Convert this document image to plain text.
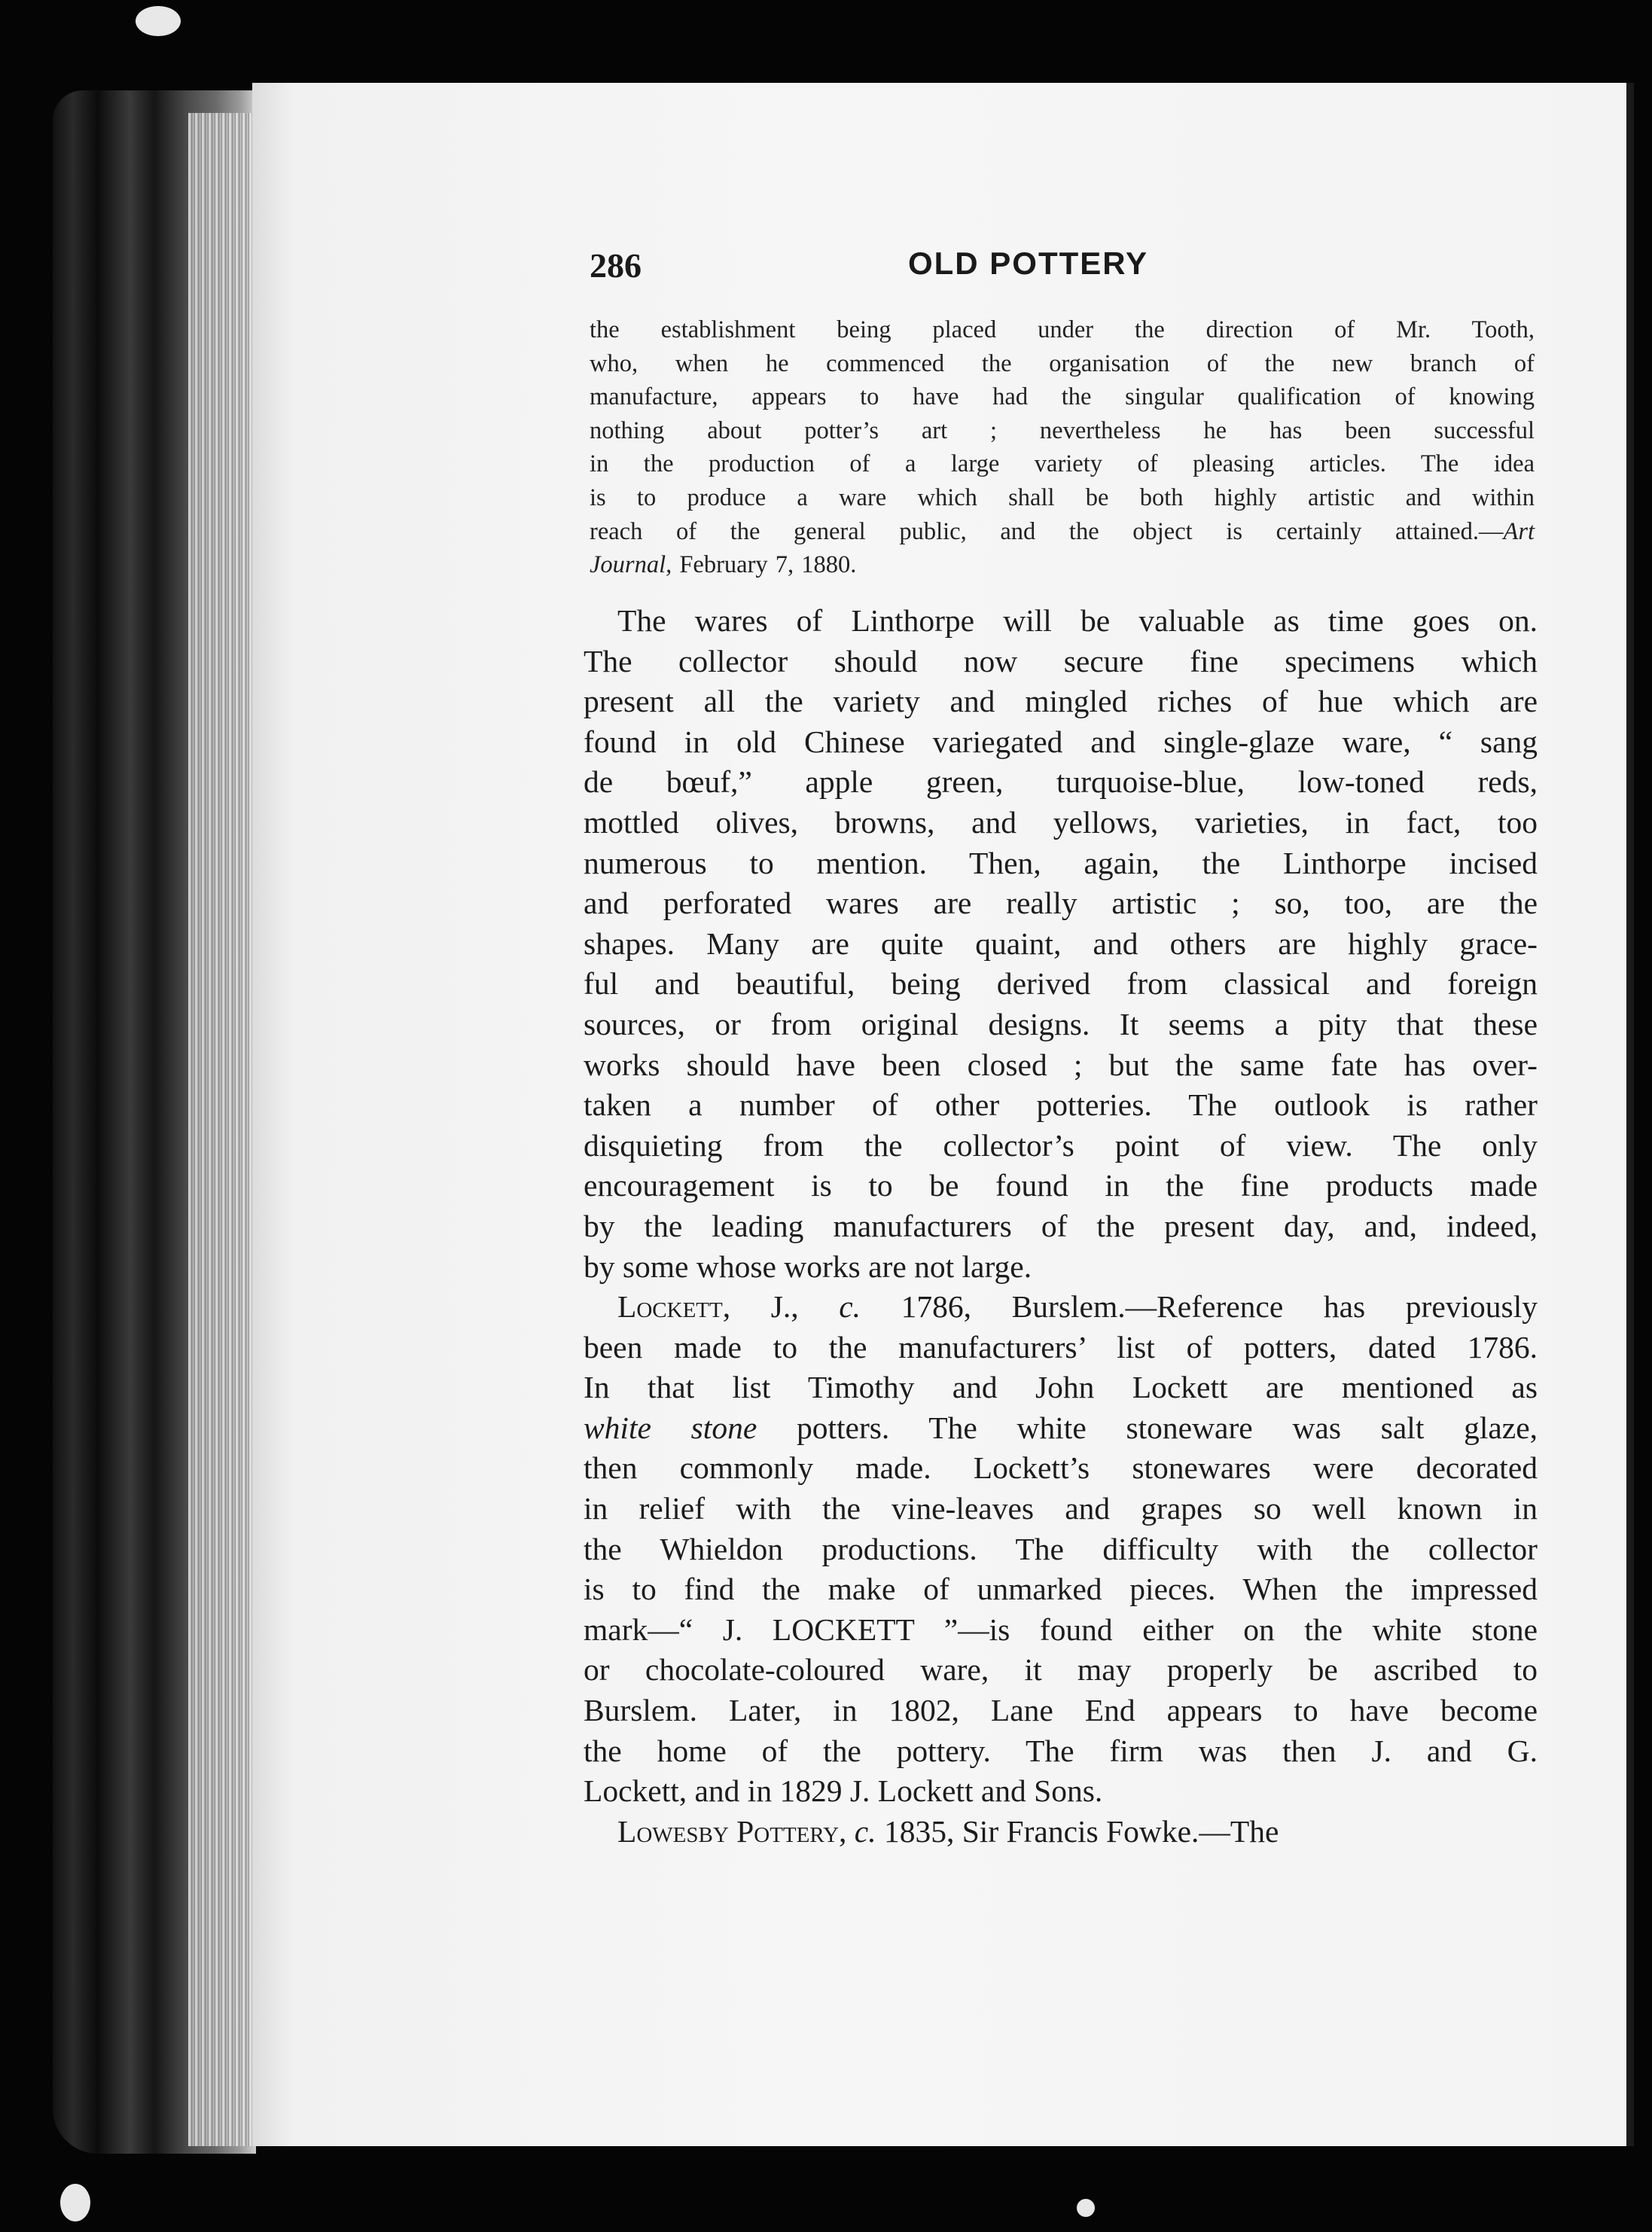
286	OLD POTTERY
the establishment being placed under the direction of Mr. Tooth,
who, when he commenced the organisation of the new branch of
manufacture, appears to have had the singular qualification of knowing
nothing about potter’s art ; nevertheless he has been successful
in the production of a large variety of pleasing articles. The idea
is to produce a ware which shall be both highly artistic and within
reach of the general public, and the object is certainly attained.—Art
Journal, February 7, 1880.
The wares of Linthorpe will be valuable as time goes on.
The collector should now secure fine specimens which
present all the variety and mingled riches of hue which are
found in old Chinese variegated and single-glaze ware, “ sang
de bœuf,” apple green, turquoise-blue, low-toned reds,
mottled olives, browns, and yellows, varieties, in fact, too
numerous to mention. Then, again, the Linthorpe incised
and perforated wares are really artistic ; so, too, are the
shapes. Many are quite quaint, and others are highly grace-
ful and beautiful, being derived from classical and foreign
sources, or from original designs. It seems a pity that these
works should have been closed ; but the same fate has over-
taken a number of other potteries. The outlook is rather
disquieting from the collector’s point of view. The only
encouragement is to be found in the fine products made
by the leading manufacturers of the present day, and, indeed,
by some whose works are not large.
Lockett, J., c. 1786, Burslem.—Reference has previously
been made to the manufacturers’ list of potters, dated 1786.
In that list Timothy and John Lockett are mentioned as
white stone potters. The white stoneware was salt glaze,
then commonly made. Lockett’s stonewares were decorated
in relief with the vine-leaves and grapes so well known in
the Whieldon productions. The difficulty with the collector
is to find the make of unmarked pieces. When the impressed
mark—“ J. LOCKETT ”—is found either on the white stone
or chocolate-coloured ware, it may properly be ascribed to
Burslem. Later, in 1802, Lane End appears to have become
the home of the pottery. The firm was then J. and G.
Lockett, and in 1829 J. Lockett and Sons.
Lowesby Pottery, c. 1835, Sir Francis Fowke.—The
